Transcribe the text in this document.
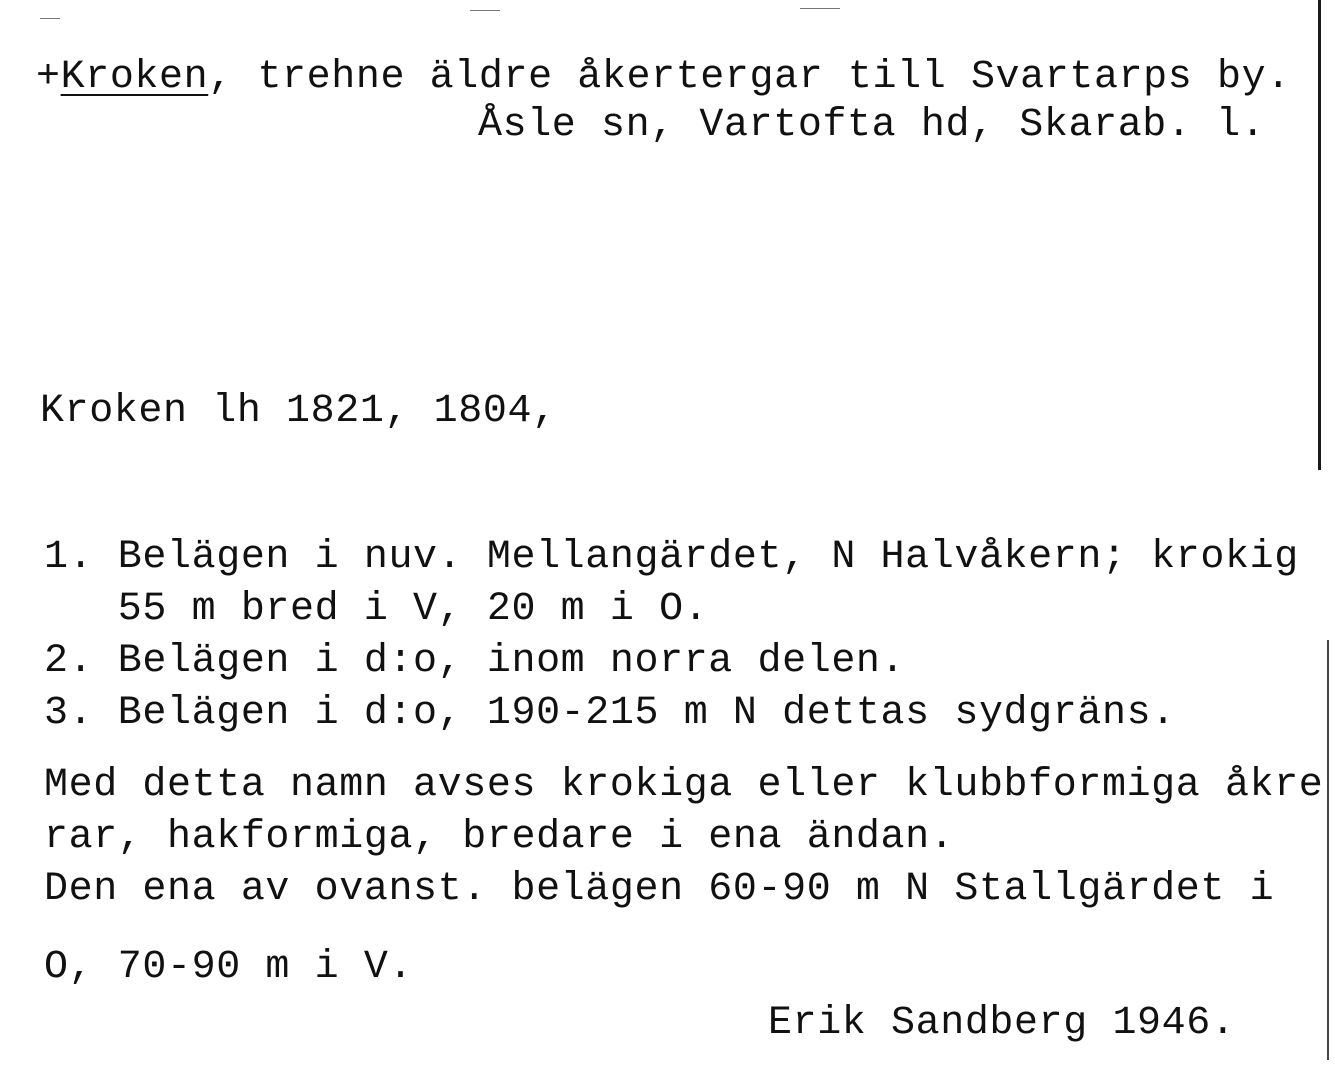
+Kroken, trehne äldre åkertergar till Svartarps by.
Åsle sn, Vartofta hd, Skarab. l.
Kroken lh 1821, 1804,
1. Belägen i nuv. Mellangärdet, N Halvåkern; krokig
55 m bred i V, 20 m i O.
2. Belägen i d:o, inom norra delen.
3. Belägen i d:o, 190-215 m N dettas sydgräns.
Med detta namn avses krokiga eller klubbformiga åkre
rar, hakformiga, bredare i ena ändan.
Den ena av ovanst. belägen 60-90 m N Stallgärdet i
O, 70-90 m i V.
Erik Sandberg 1946.
